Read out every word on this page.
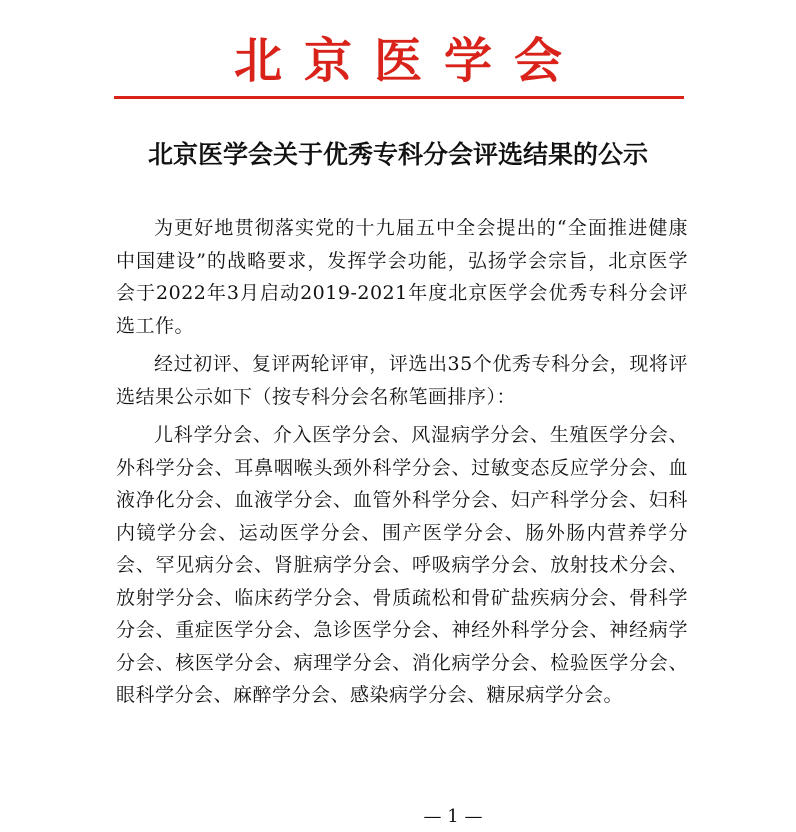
北京医学会
北京医学会关于优秀专科分会评选结果的公示

为更好地贯彻落实党的十九届五中全会提出的“全面推进健康中国建设”的战略要求，发挥学会功能，弘扬学会宗旨，北京医学会于2022年3月启动2019-2021年度北京医学会优秀专科分会评选工作。

经过初评、复评两轮评审，评选出35个优秀专科分会，现将评选结果公示如下（按专科分会名称笔画排序）：

儿科学分会、介入医学分会、风湿病学分会、生殖医学分会、外科学分会、耳鼻咽喉头颈外科学分会、过敏变态反应学分会、血液净化分会、血液学分会、血管外科学分会、妇产科学分会、妇科内镜学分会、运动医学分会、围产医学分会、肠外肠内营养学分会、罕见病分会、肾脏病学分会、呼吸病学分会、放射技术分会、放射学分会、临床药学分会、骨质疏松和骨矿盐疾病分会、骨科学分会、重症医学分会、急诊医学分会、神经外科学分会、神经病学分会、核医学分会、病理学分会、消化病学分会、检验医学分会、眼科学分会、麻醉学分会、感染病学分会、糖尿病学分会。

— 1 —
